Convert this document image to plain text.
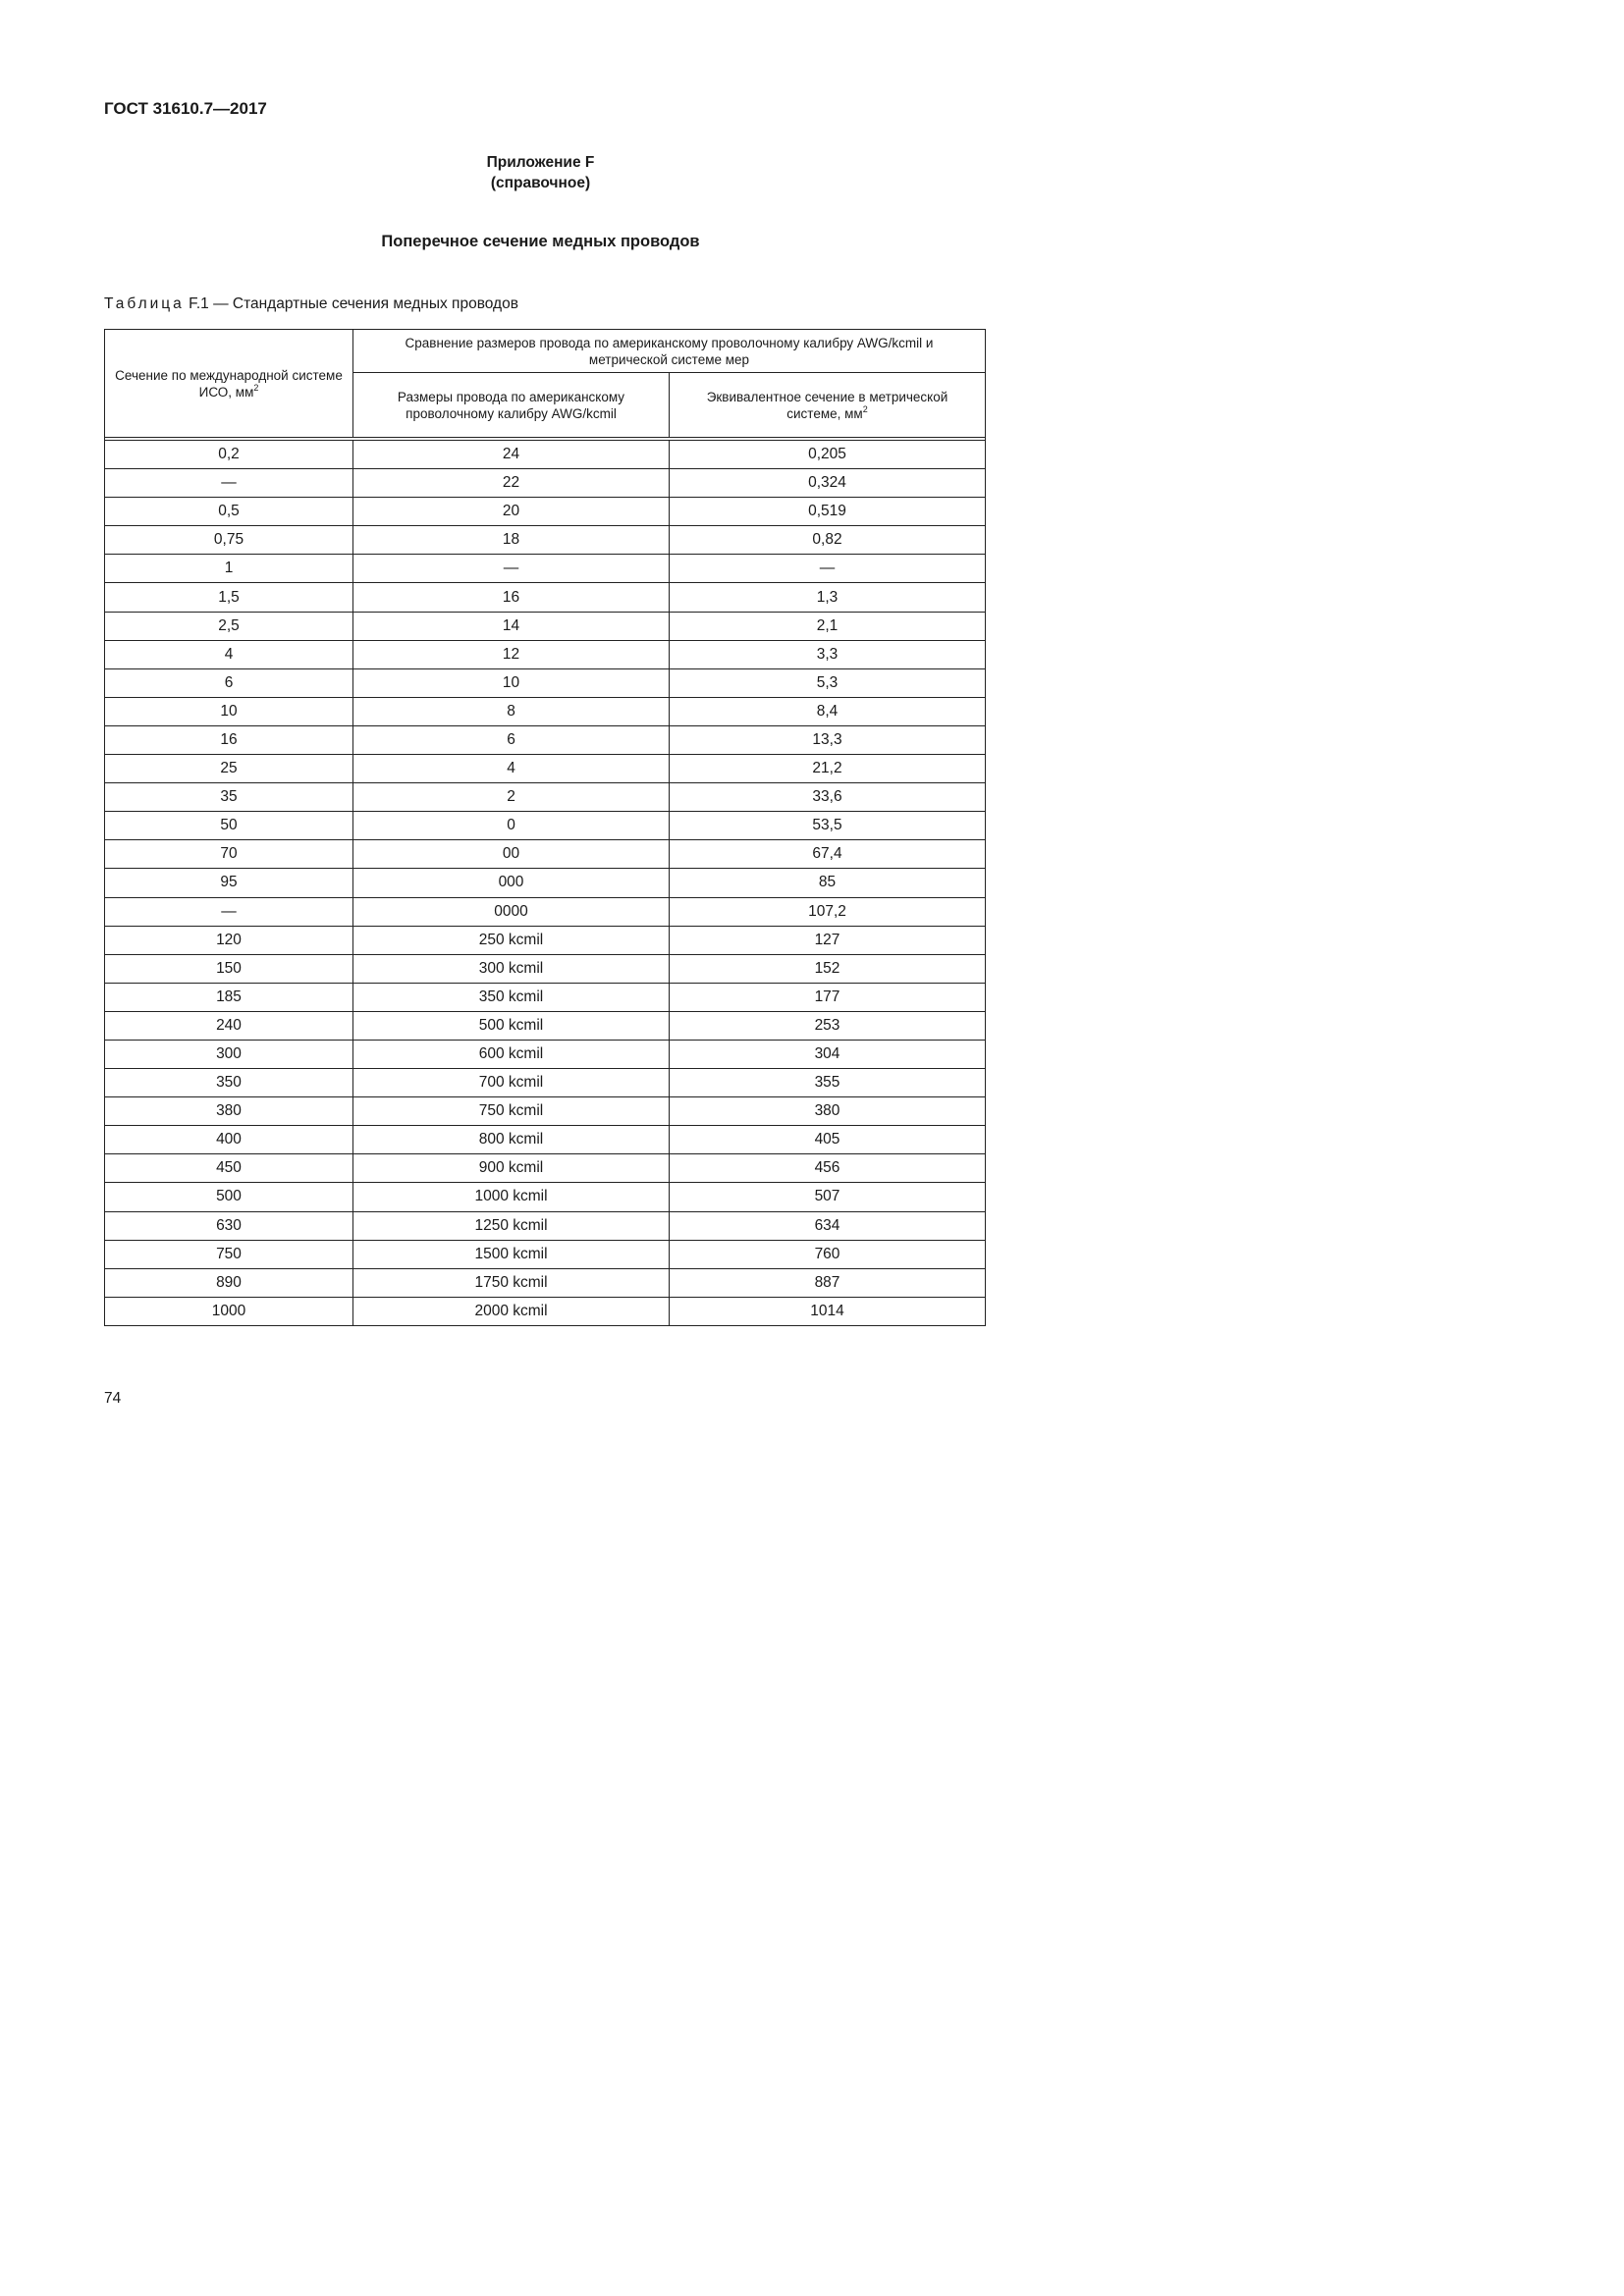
ГОСТ 31610.7—2017
Приложение F
(справочное)
Поперечное сечение медных проводов
Таблица F.1 — Стандартные сечения медных проводов
Сечение по международной системе ИСО, $мм^2$	Сравнение размеров провода по американскому проволочному калибру AWG/kcmil и метрической системе мер	
	Размеры провода по американскому проволочному калибру AWG/kcmil	Эквивалентное сечение в метрической системе, $мм^2$

0,2	24	0,205
—	22	0,324
0,5	20	0,519
0,75	18	0,82
1	—	—
1,5	16	1,3
2,5	14	2,1
4	12	3,3
6	10	5,3
10	8	8,4
16	6	13,3
25	4	21,2
35	2	33,6
50	0	53,5
70	00	67,4
95	000	85
—	0000	107,2
120	250 kcmil	127
150	300 kcmil	152
185	350 kcmil	177
240	500 kcmil	253
300	600 kcmil	304
350	700 kcmil	355
380	750 kcmil	380
400	800 kcmil	405
450	900 kcmil	456
500	1000 kcmil	507
630	1250 kcmil	634
750	1500 kcmil	760
890	1750 kcmil	887
1000	2000 kcmil	1014
74
